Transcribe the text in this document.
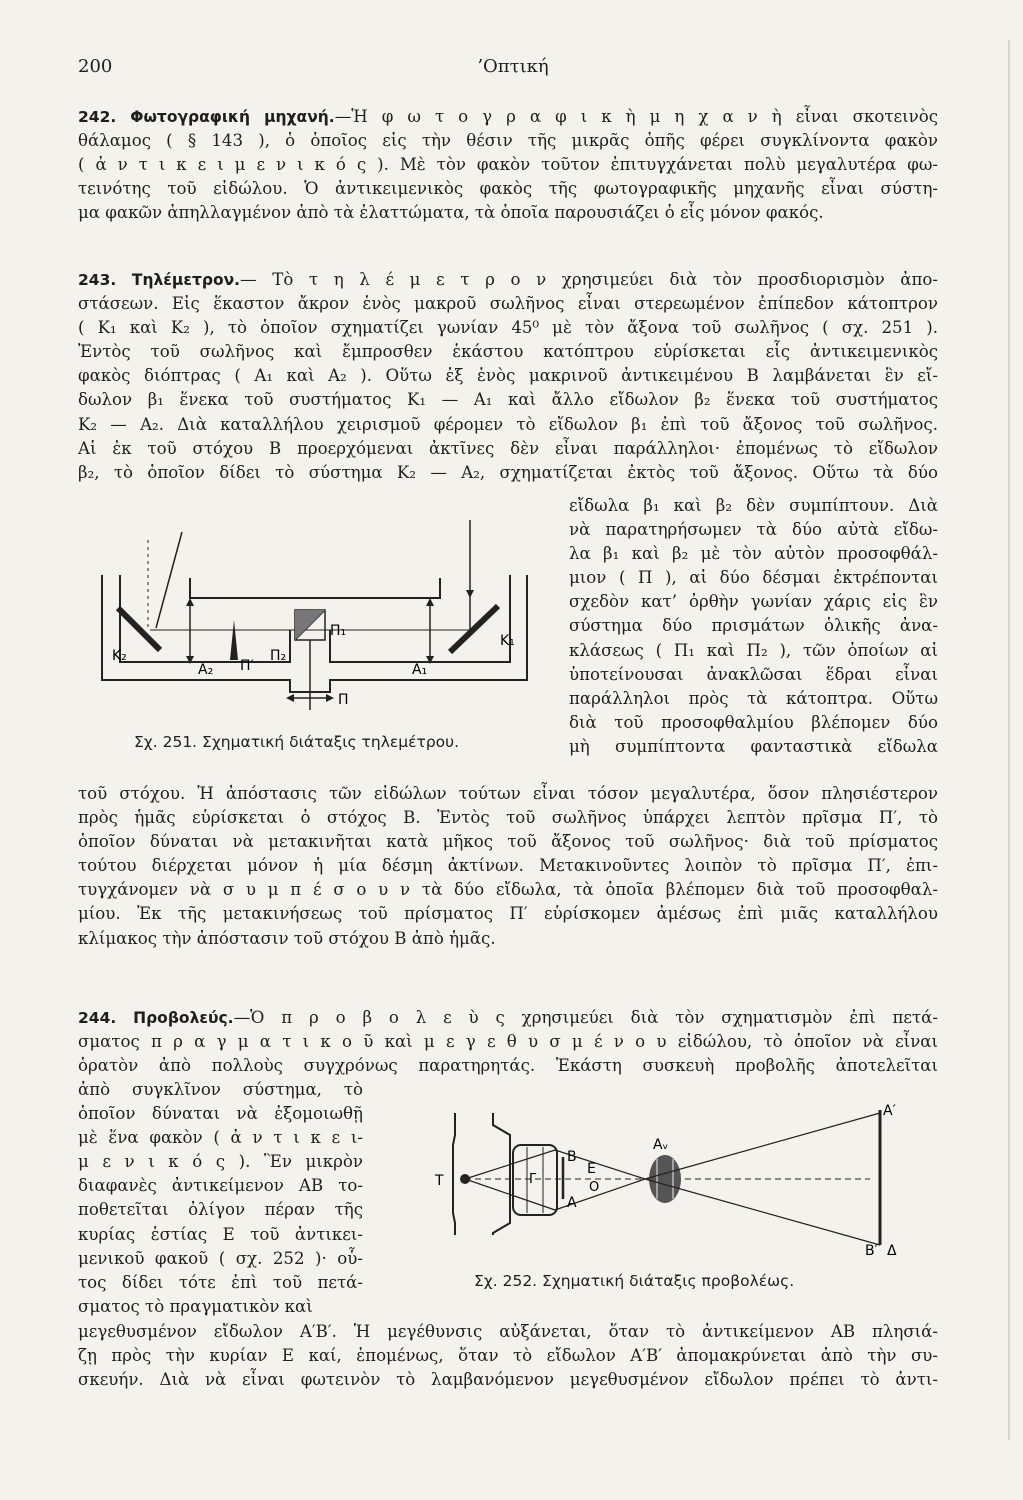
200	’Οπτική
242. Φωτογραφική μηχανή.—Ἡ φ ω τ ο γ ρ α φ ι κ ὴ μ η χ α ν ὴ εἶναι σκοτεινὸς
θάλαμος ( § 143 ), ὁ ὁποῖος εἰς τὴν θέσιν τῆς μικρᾶς ὀπῆς φέρει συγκλίνοντα φακὸν
( ἀ ν τ ι κ ε ι μ ε ν ι κ ό ς ). Μὲ τὸν φακὸν τοῦτον ἐπιτυγχάνεται πολὺ μεγαλυτέρα φω-
τεινότης τοῦ εἰδώλου. Ὁ ἀντικειμενικὸς φακὸς τῆς φωτογραφικῆς μηχανῆς εἶναι σύστη-
μα φακῶν ἀπηλλαγμένον ἀπὸ τὰ ἐλαττώματα, τὰ ὁποῖα παρουσιάζει ὁ εἷς μόνον φακός.
243. Τηλέμετρον.— Τὸ τ η λ έ μ ε τ ρ ο ν χρησιμεύει διὰ τὸν προσδιορισμὸν ἀπο-
στάσεων. Εἰς ἕκαστον ἄκρον ἑνὸς μακροῦ σωλῆνος εἶναι στερεωμένον ἐπίπεδον κάτοπτρον
( K₁ καὶ K₂ ), τὸ ὁποῖον σχηματίζει γωνίαν 45⁰ μὲ τὸν ἄξονα τοῦ σωλῆνος ( σχ. 251 ).
Ἐντὸς τοῦ σωλῆνος καὶ ἔμπροσθεν ἑκάστου κατόπτρου εὑρίσκεται εἷς ἀντικειμενικὸς
φακὸς διόπτρας ( A₁ καὶ A₂ ). Οὕτω ἐξ ἑνὸς μακρινοῦ ἀντικειμένου B λαμβάνεται ἓν εἴ-
δωλον β₁ ἕνεκα τοῦ συστήματος K₁ — A₁ καὶ ἄλλο εἴδωλον β₂ ἕνεκα τοῦ συστήματος
K₂ — A₂. Διὰ καταλλήλου χειρισμοῦ φέρομεν τὸ εἴδωλον β₁ ἐπὶ τοῦ ἄξονος τοῦ σωλῆνος.
Αἱ ἐκ τοῦ στόχου B προερχόμεναι ἀκτῖνες δὲν εἶναι παράλληλοι· ἐπομένως τὸ εἴδωλον
β₂, τὸ ὁποῖον δίδει τὸ σύστημα K₂ — A₂, σχηματίζεται ἐκτὸς τοῦ ἄξονος. Οὕτω τὰ δύο
εἴδωλα β₁ καὶ β₂ δὲν συμπίπτουν. Διὰ
νὰ παρατηρήσωμεν τὰ δύο αὐτὰ εἴδω-
λα β₁ καὶ β₂ μὲ τὸν αὐτὸν προσοφθάλ-
μιον ( Π ), αἱ δύο δέσμαι ἐκτρέπονται
σχεδὸν κατ’ ὀρθὴν γωνίαν χάρις εἰς ἓν
σύστημα δύο πρισμάτων ὁλικῆς ἀνα-
κλάσεως ( Π₁ καὶ Π₂ ), τῶν ὁποίων αἱ
ὑποτείνουσαι ἀνακλῶσαι ἕδραι εἶναι
παράλληλοι πρὸς τὰ κάτοπτρα. Οὕτω
διὰ τοῦ προσοφθαλμίου βλέπομεν δύο
μὴ συμπίπτοντα φανταστικὰ εἴδωλα
K₂
K₁
A₂	A₁
Π′
Π₂
Π₁
Π
Σχ. 251. Σχηματική διάταξις τηλεμέτρου.
τοῦ στόχου. Ἡ ἀπόστασις τῶν εἰδώλων τούτων εἶναι τόσον μεγαλυτέρα, ὅσον πλησιέστερον
πρὸς ἡμᾶς εὑρίσκεται ὁ στόχος B. Ἐντὸς τοῦ σωλῆνος ὑπάρχει λεπτὸν πρῖσμα Π′, τὸ
ὁποῖον δύναται νὰ μετακινῆται κατὰ μῆκος τοῦ ἄξονος τοῦ σωλῆνος· διὰ τοῦ πρίσματος
τούτου διέρχεται μόνον ἡ μία δέσμη ἀκτίνων. Μετακινοῦντες λοιπὸν τὸ πρῖσμα Π′, ἐπι-
τυγχάνομεν νὰ σ υ μ π έ σ ο υ ν τὰ δύο εἴδωλα, τὰ ὁποῖα βλέπομεν διὰ τοῦ προσοφθαλ-
μίου. Ἐκ τῆς μετακινήσεως τοῦ πρίσματος Π′ εὑρίσκομεν ἀμέσως ἐπὶ μιᾶς καταλλήλου
κλίμακος τὴν ἀπόστασιν τοῦ στόχου B ἀπὸ ἡμᾶς.
244. Προβολεύς.—Ὁ π ρ ο β ο λ ε ὺ ς χρησιμεύει διὰ τὸν σχηματισμὸν ἐπὶ πετά-
σματος π ρ α γ μ α τ ι κ ο ῦ καὶ μ ε γ ε θ υ σ μ έ ν ο υ εἰδώλου, τὸ ὁποῖον νὰ εἶναι
ὁρατὸν ἀπὸ πολλοὺς συγχρόνως παρατηρητάς. Ἑκάστη συσκευὴ προβολῆς ἀποτελεῖται
ἀπὸ συγκλῖνον σύστημα, τὸ
ὁποῖον δύναται νὰ ἐξομοιωθῇ
μὲ ἕνα φακὸν ( ἀ ν τ ι κ ε ι-
μ ε ν ι κ ό ς ). Ἓν μικρὸν
διαφανὲς ἀντικείμενον AB το-
ποθετεῖται ὀλίγον πέραν τῆς
κυρίας ἑστίας E τοῦ ἀντικει-
μενικοῦ φακοῦ ( σχ. 252 )· οὗ-
τος δίδει τότε ἐπὶ τοῦ πετά-
σματος τὸ πραγματικὸν καὶ
T	Γ
B
A
E
O
Aᵥ
A′
B′ Δ
Σχ. 252. Σχηματική διάταξις προβολέως.
μεγεθυσμένον εἴδωλον A′B′. Ἡ μεγέθυνσις αὐξάνεται, ὅταν τὸ ἀντικείμενον AB πλησιά-
ζῃ πρὸς τὴν κυρίαν E καί, ἑπομένως, ὅταν τὸ εἴδωλον A′B′ ἀπομακρύνεται ἀπὸ τὴν συ-
σκευήν. Διὰ νὰ εἶναι φωτεινὸν τὸ λαμβανόμενον μεγεθυσμένον εἴδωλον πρέπει τὸ ἀντι-
